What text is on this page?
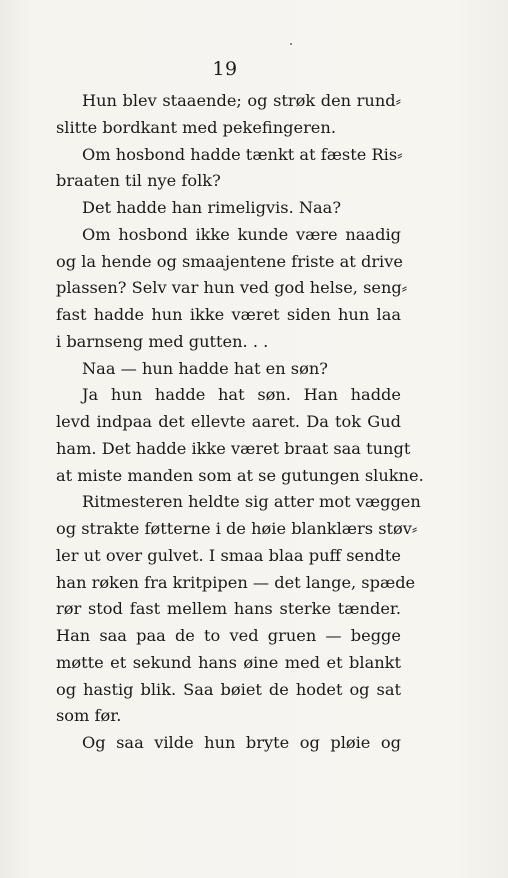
19
Hun blev staaende; og strøk den rund⸗
slitte bordkant med pekefingeren.
Om hosbond hadde tænkt at fæste Ris⸗
braaten til nye folk?
Det hadde han rimeligvis. Naa?
Om hosbond ikke kunde være naadig
og la hende og smaajentene friste at drive
plassen? Selv var hun ved god helse, seng⸗
fast hadde hun ikke været siden hun laa
i barnseng med gutten. . .
Naa — hun hadde hat en søn?
Ja hun hadde hat søn. Han hadde
levd indpaa det ellevte aaret. Da tok Gud
ham. Det hadde ikke været braat saa tungt
at miste manden som at se gutungen slukne.
Ritmesteren heldte sig atter mot væggen
og strakte føtterne i de høie blanklærs støv⸗
ler ut over gulvet. I smaa blaa puff sendte
han røken fra kritpipen — det lange, spæde
rør stod fast mellem hans sterke tænder.
Han saa paa de to ved gruen — begge
møtte et sekund hans øine med et blankt
og hastig blik. Saa bøiet de hodet og sat
som før.
Og saa vilde hun bryte og pløie og
